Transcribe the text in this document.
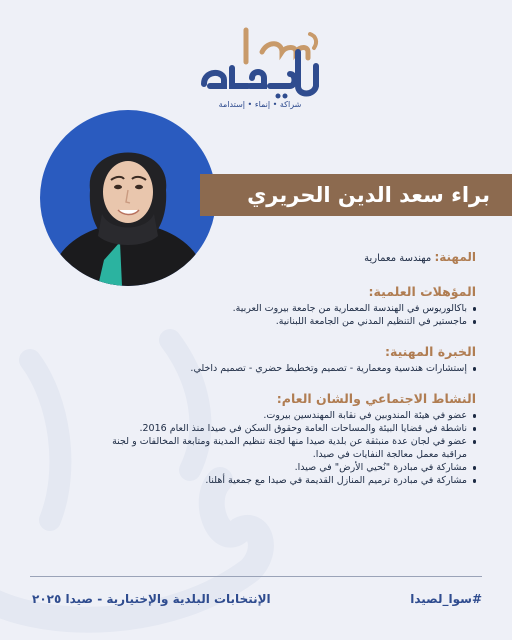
شراكة • إنماء • إستدامة
براء سعد الدين الحريري
المهنة: مهندسة معمارية
المؤهلات العلمية:
باكالوريوس في الهندسة المعمارية من جامعة بيروت العربية.
ماجستير في التنظيم المدني من الجامعة اللبنانية.
الخبرة المهنية:
إستشارات هندسية ومعمارية - تصميم وتخطيط حضري - تصميم داخلي.
النشاط الاجتماعي والشان العام:
عضو في هيئة المندوبين في نقابة المهندسين بيروت.
ناشطة في قضايا البيئة والمساحات العامة وحقوق السكن في صيدا منذ العام 2016.
عضو في لجان عدة منبثقة عن بلدية صيدا منها لجنة تنظيم المدينة ومتابعة المخالفات و لجنة مراقبة معمل معالجة النفايات في صيدا.
مشاركة في مبادرة "نُحيي الأرض" في صيدا.
مشاركة في مبادرة ترميم المنازل القديمة في صيدا مع جمعية أهلنا.
الإنتخابات البلدية والإختيارية - صيدا ٢٠٢٥	#سوا_لصيدا
